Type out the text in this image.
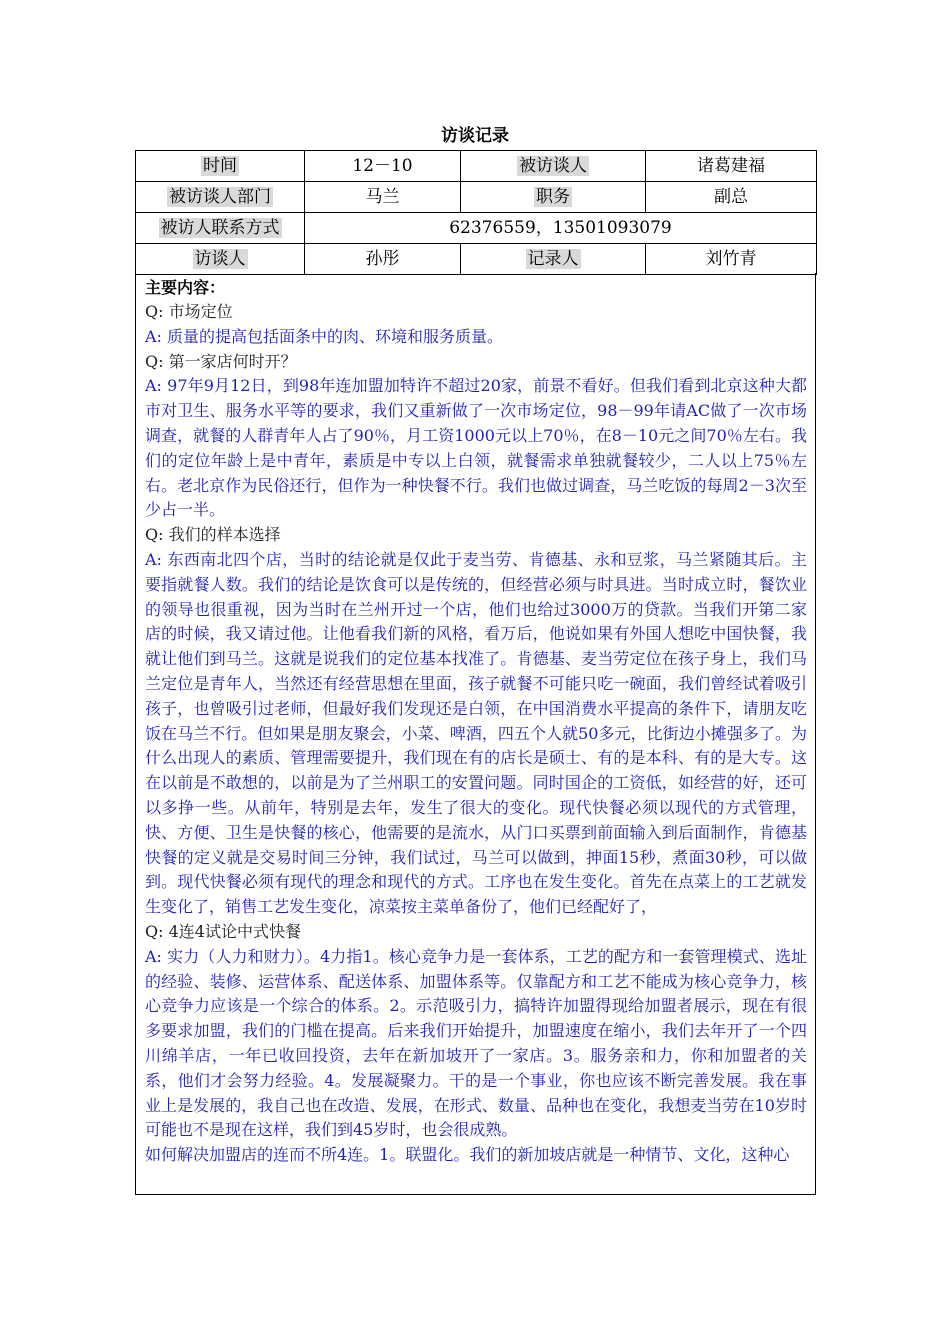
访谈记录
时间	12－10	被访谈人	诸葛建福
被访谈人部门	马兰	职务	副总
被访人联系方式	62376559，13501093079		
访谈人	孙彤	记录人	刘竹青
主要内容：

Q: 市场定位

A: 质量的提高包括面条中的肉、环境和服务质量。

Q: 第一家店何时开？

A: 97年9月12日，到98年连加盟加特许不超过20家，前景不看好。但我们看到北京这种大都市对卫生、服务水平等的要求，我们又重新做了一次市场定位，98－99年请AC做了一次市场调查，就餐的人群青年人占了90％，月工资1000元以上70％，在8－10元之间70％左右。我们的定位年龄上是中青年，素质是中专以上白领，就餐需求单独就餐较少，二人以上75％左右。老北京作为民俗还行，但作为一种快餐不行。我们也做过调查，马兰吃饭的每周2－3次至少占一半。

Q: 我们的样本选择

A: 东西南北四个店，当时的结论就是仅此于麦当劳、肯德基、永和豆浆，马兰紧随其后。主要指就餐人数。我们的结论是饮食可以是传统的，但经营必须与时具进。当时成立时，餐饮业的领导也很重视，因为当时在兰州开过一个店，他们也给过3000万的贷款。当我们开第二家店的时候，我又请过他。让他看我们新的风格，看万后，他说如果有外国人想吃中国快餐，我就让他们到马兰。这就是说我们的定位基本找准了。肯德基、麦当劳定位在孩子身上，我们马兰定位是青年人，当然还有经营思想在里面，孩子就餐不可能只吃一碗面，我们曾经试着吸引孩子，也曾吸引过老师，但最好我们发现还是白领，在中国消费水平提高的条件下，请朋友吃饭在马兰不行。但如果是朋友聚会，小菜、啤酒，四五个人就50多元，比街边小摊强多了。为什么出现人的素质、管理需要提升，我们现在有的店长是硕士、有的是本科、有的是大专。这在以前是不敢想的，以前是为了兰州职工的安置问题。同时国企的工资低，如经营的好，还可以多挣一些。从前年，特别是去年，发生了很大的变化。现代快餐必须以现代的方式管理，快、方便、卫生是快餐的核心，他需要的是流水，从门口买票到前面输入到后面制作，肯德基快餐的定义就是交易时间三分钟，我们试过，马兰可以做到，抻面15秒，煮面30秒，可以做到。现代快餐必须有现代的理念和现代的方式。工序也在发生变化。首先在点菜上的工艺就发生变化了，销售工艺发生变化，凉菜按主菜单备份了，他们已经配好了，

Q: 4连4试论中式快餐

A: 实力（人力和财力）。4力指1。核心竞争力是一套体系，工艺的配方和一套管理模式、选址的经验、装修、运营体系、配送体系、加盟体系等。仅靠配方和工艺不能成为核心竞争力，核心竞争力应该是一个综合的体系。2。示范吸引力，搞特许加盟得现给加盟者展示，现在有很多要求加盟，我们的门槛在提高。后来我们开始提升，加盟速度在缩小，我们去年开了一个四川绵羊店，一年已收回投资，去年在新加坡开了一家店。3。服务亲和力，你和加盟者的关系，他们才会努力经验。4。发展凝聚力。干的是一个事业，你也应该不断完善发展。我在事业上是发展的，我自己也在改造、发展，在形式、数量、品种也在变化，我想麦当劳在10岁时可能也不是现在这样，我们到45岁时，也会很成熟。

如何解决加盟店的连而不所4连。1。联盟化。我们的新加坡店就是一种情节、文化，这种心
